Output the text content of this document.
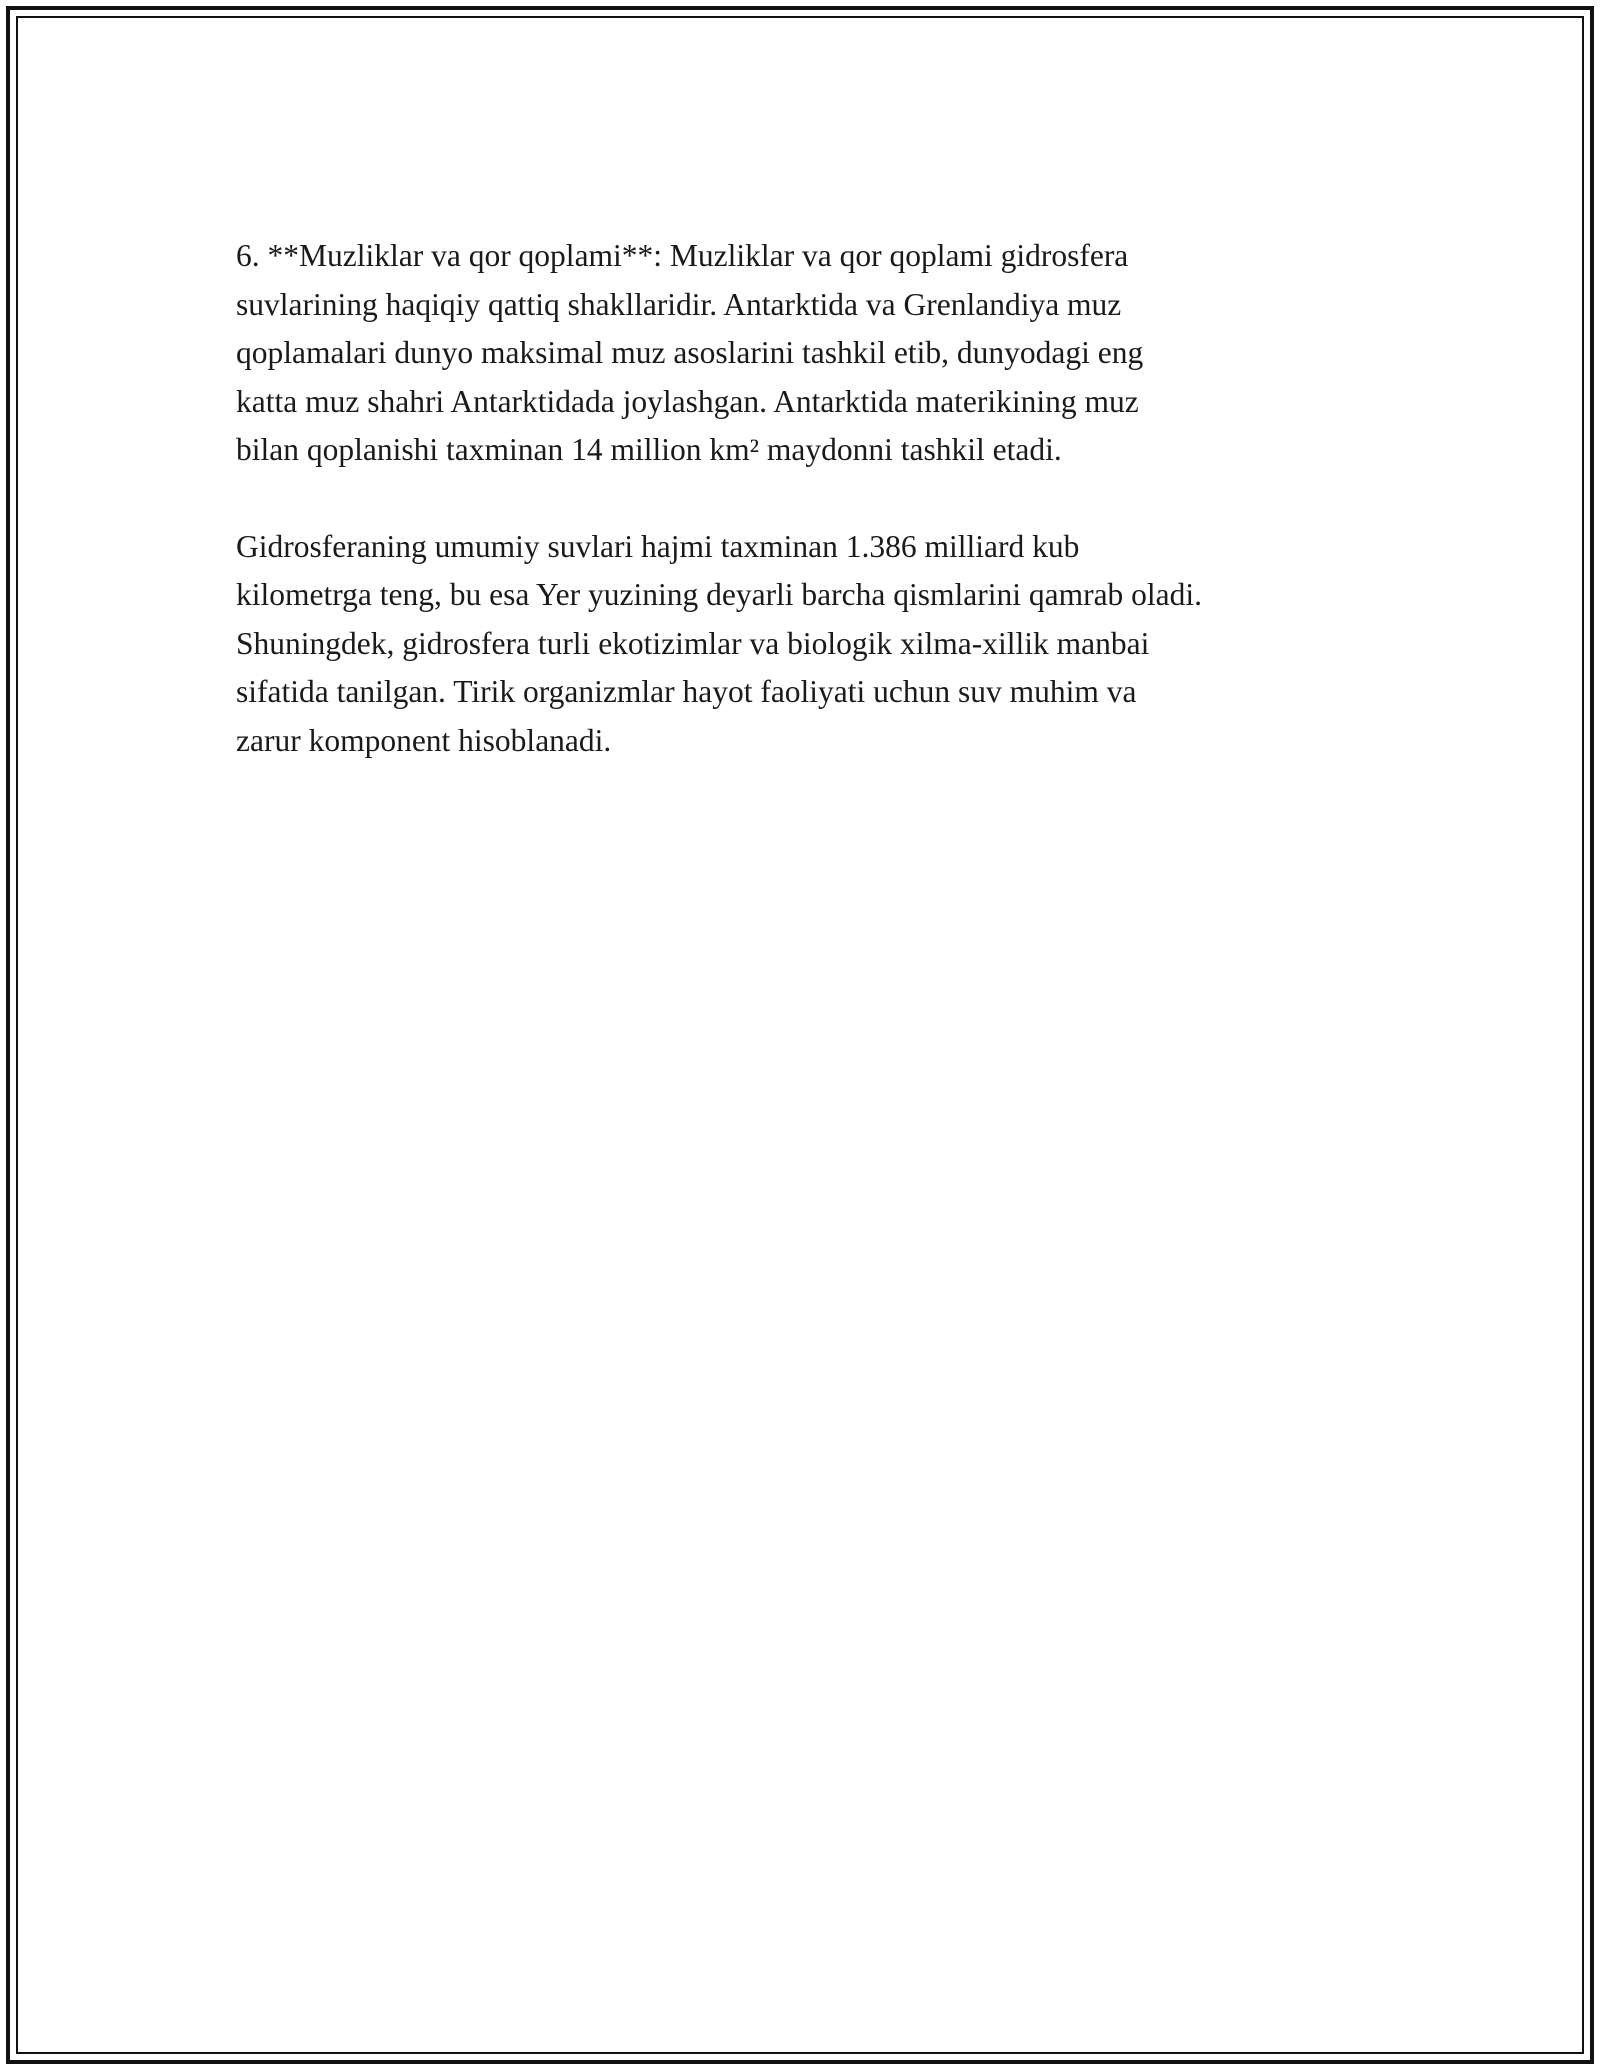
6. **Muzliklar va qor qoplami**: Muzliklar va qor qoplami gidrosfera
suvlarining haqiqiy qattiq shakllaridir. Antarktida va Grenlandiya muz
qoplamalari dunyo maksimal muz asoslarini tashkil etib, dunyodagi eng
katta muz shahri Antarktidada joylashgan. Antarktida materikining muz
bilan qoplanishi taxminan 14 million km² maydonni tashkil etadi.

Gidrosferaning umumiy suvlari hajmi taxminan 1.386 milliard kub
kilometrga teng, bu esa Yer yuzining deyarli barcha qismlarini qamrab oladi.
Shuningdek, gidrosfera turli ekotizimlar va biologik xilma-xillik manbai
sifatida tanilgan. Tirik organizmlar hayot faoliyati uchun suv muhim va
zarur komponent hisoblanadi.
